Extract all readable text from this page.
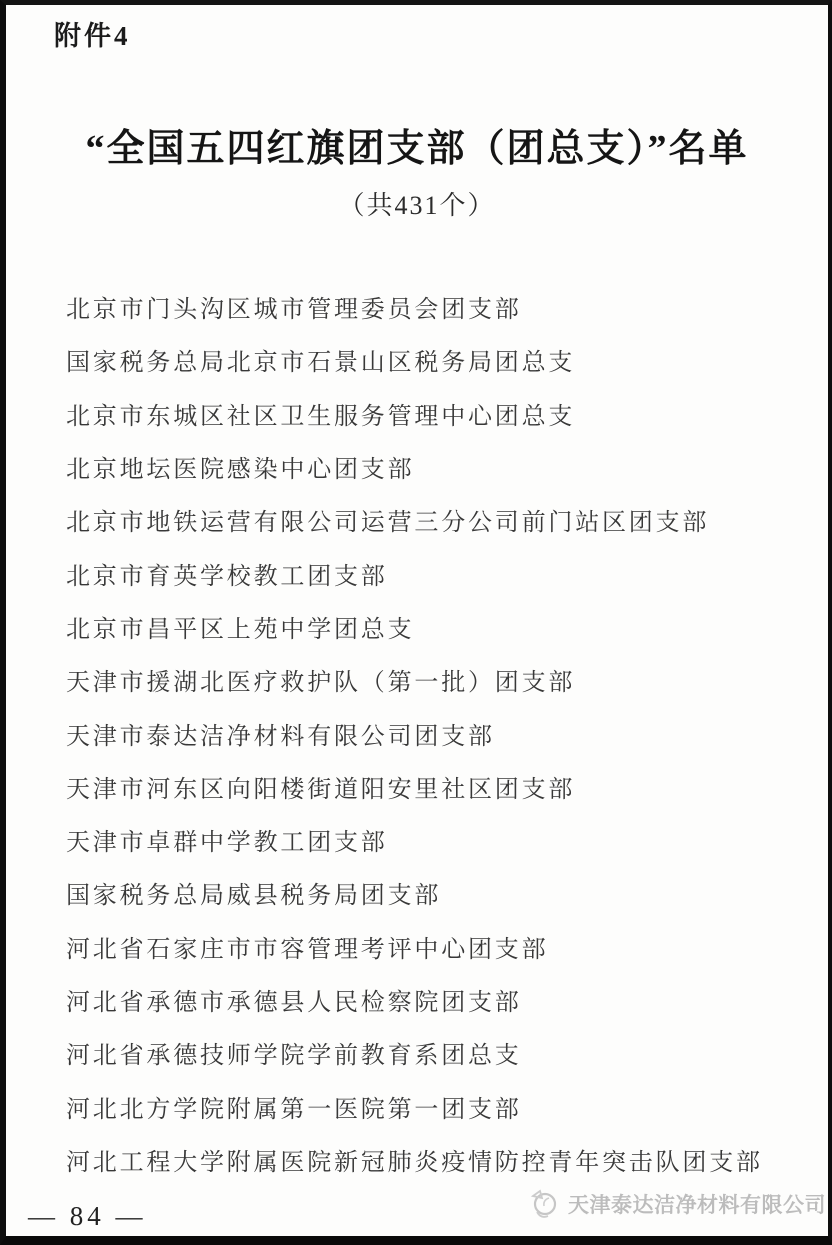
附件4
“全国五四红旗团支部（团总支）”名单
（共431个）
北京市门头沟区城市管理委员会团支部
国家税务总局北京市石景山区税务局团总支
北京市东城区社区卫生服务管理中心团总支
北京地坛医院感染中心团支部
北京市地铁运营有限公司运营三分公司前门站区团支部
北京市育英学校教工团支部
北京市昌平区上苑中学团总支
天津市援湖北医疗救护队（第一批）团支部
天津市泰达洁净材料有限公司团支部
天津市河东区向阳楼街道阳安里社区团支部
天津市卓群中学教工团支部
国家税务总局威县税务局团支部
河北省石家庄市市容管理考评中心团支部
河北省承德市承德县人民检察院团支部
河北省承德技师学院学前教育系团总支
河北北方学院附属第一医院第一团支部
河北工程大学附属医院新冠肺炎疫情防控青年突击队团支部
— 84 —	天津泰达洁净材料有限公司
